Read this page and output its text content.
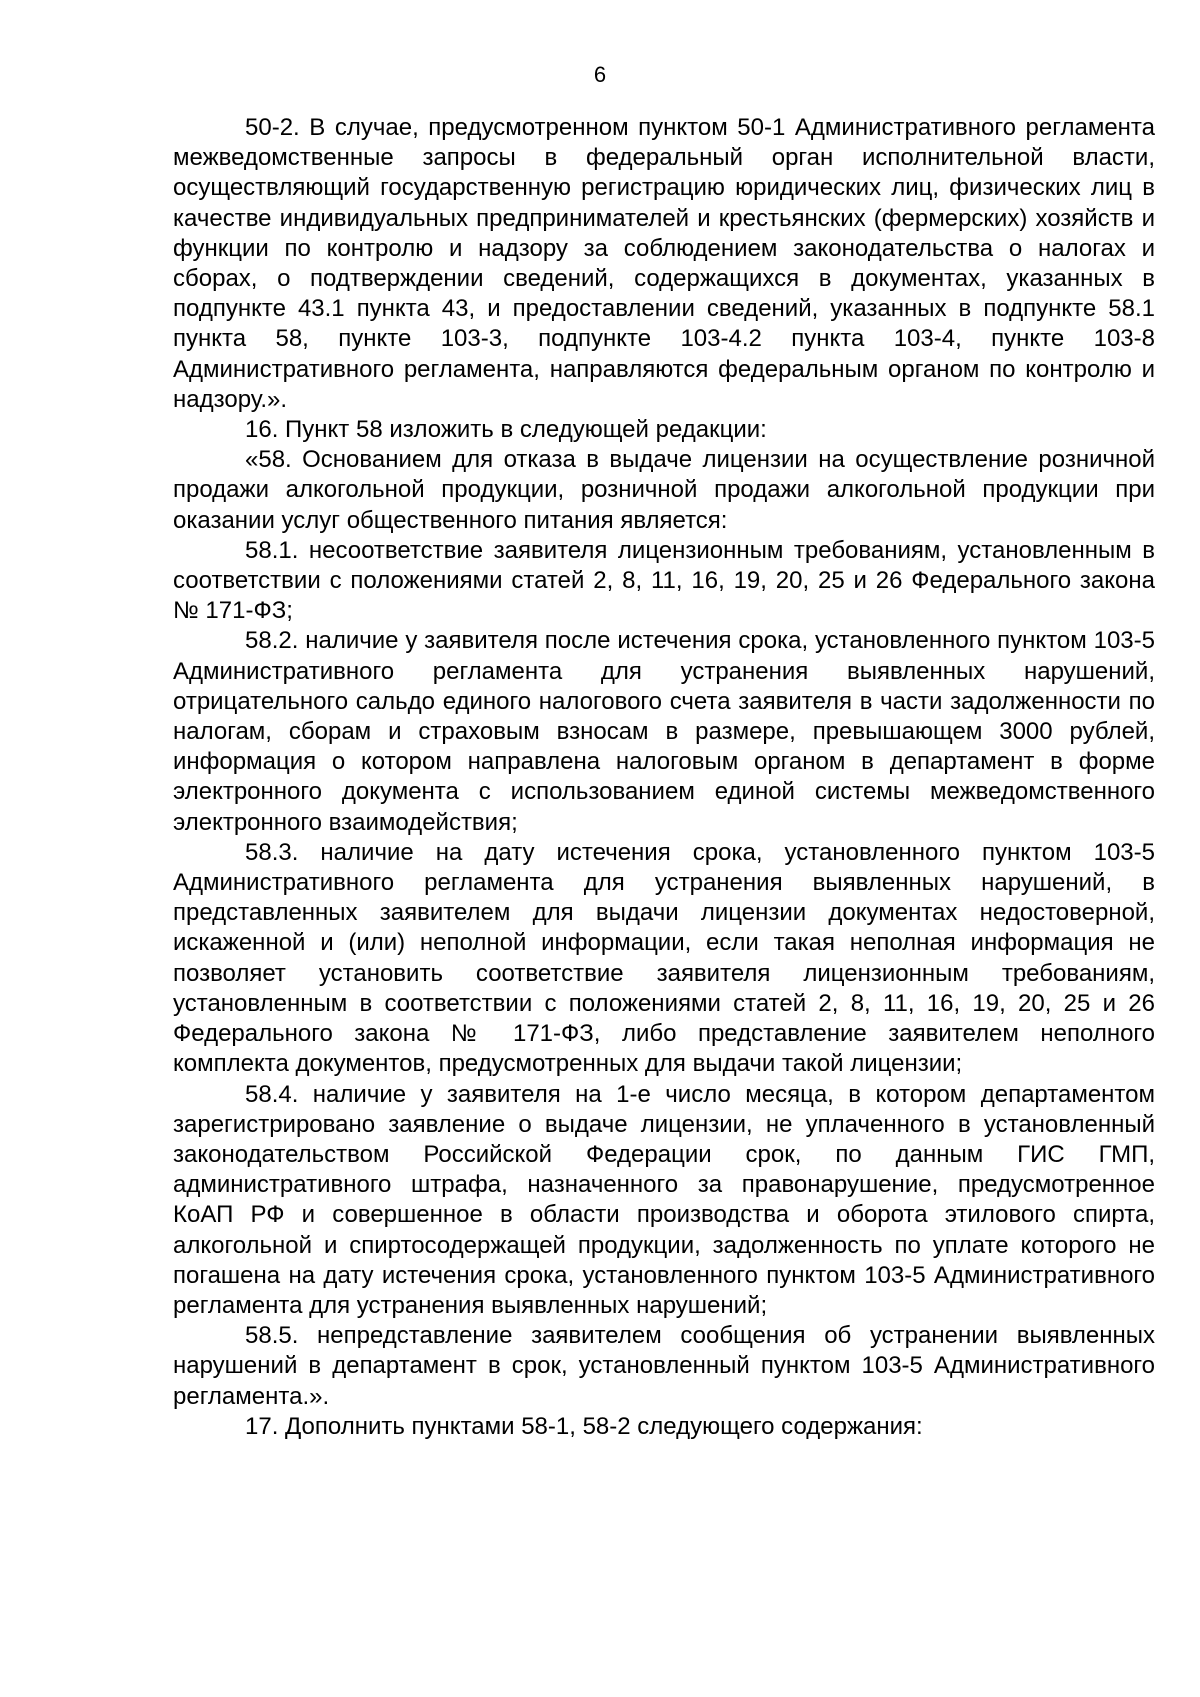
6

50-2. В случае, предусмотренном пунктом 50-1 Административного регламента межведомственные запросы в федеральный орган исполнительной власти, осуществляющий государственную регистрацию юридических лиц, физических лиц в качестве индивидуальных предпринимателей и крестьянских (фермерских) хозяйств и функции по контролю и надзору за соблюдением законодательства о налогах и сборах, о подтверждении сведений, содержащихся в документах, указанных в подпункте 43.1 пункта 43, и предоставлении сведений, указанных в подпункте 58.1 пункта 58, пункте 103-3, подпункте 103-4.2 пункта 103-4, пункте 103-8 Административного регламента, направляются федеральным органом по контролю и надзору.».

16. Пункт 58 изложить в следующей редакции:

«58. Основанием для отказа в выдаче лицензии на осуществление розничной продажи алкогольной продукции, розничной продажи алкогольной продукции при оказании услуг общественного питания является:

58.1. несоответствие заявителя лицензионным требованиям, установленным в соответствии с положениями статей 2, 8, 11, 16, 19, 20, 25 и 26 Федерального закона № 171-ФЗ;

58.2. наличие у заявителя после истечения срока, установленного пунктом 103-5 Административного регламента для устранения выявленных нарушений, отрицательного сальдо единого налогового счета заявителя в части задолженности по налогам, сборам и страховым взносам в размере, превышающем 3000 рублей, информация о котором направлена налоговым органом в департамент в форме электронного документа с использованием единой системы межведомственного электронного взаимодействия;

58.3. наличие на дату истечения срока, установленного пунктом 103-5 Административного регламента для устранения выявленных нарушений, в представленных заявителем для выдачи лицензии документах недостоверной, искаженной и (или) неполной информации, если такая неполная информация не позволяет установить соответствие заявителя лицензионным требованиям, установленным в соответствии с положениями статей 2, 8, 11, 16, 19, 20, 25 и 26 Федерального закона № 171-ФЗ, либо представление заявителем неполного комплекта документов, предусмотренных для выдачи такой лицензии;

58.4. наличие у заявителя на 1-е число месяца, в котором департаментом зарегистрировано заявление о выдаче лицензии, не уплаченного в установленный законодательством Российской Федерации срок, по данным ГИС ГМП, административного штрафа, назначенного за правонарушение, предусмотренное КоАП РФ и совершенное в области производства и оборота этилового спирта, алкогольной и спиртосодержащей продукции, задолженность по уплате которого не погашена на дату истечения срока, установленного пунктом 103-5 Административного регламента для устранения выявленных нарушений;

58.5. непредставление заявителем сообщения об устранении выявленных нарушений в департамент в срок, установленный пунктом 103-5 Административного регламента.».

17. Дополнить пунктами 58-1, 58-2 следующего содержания:
